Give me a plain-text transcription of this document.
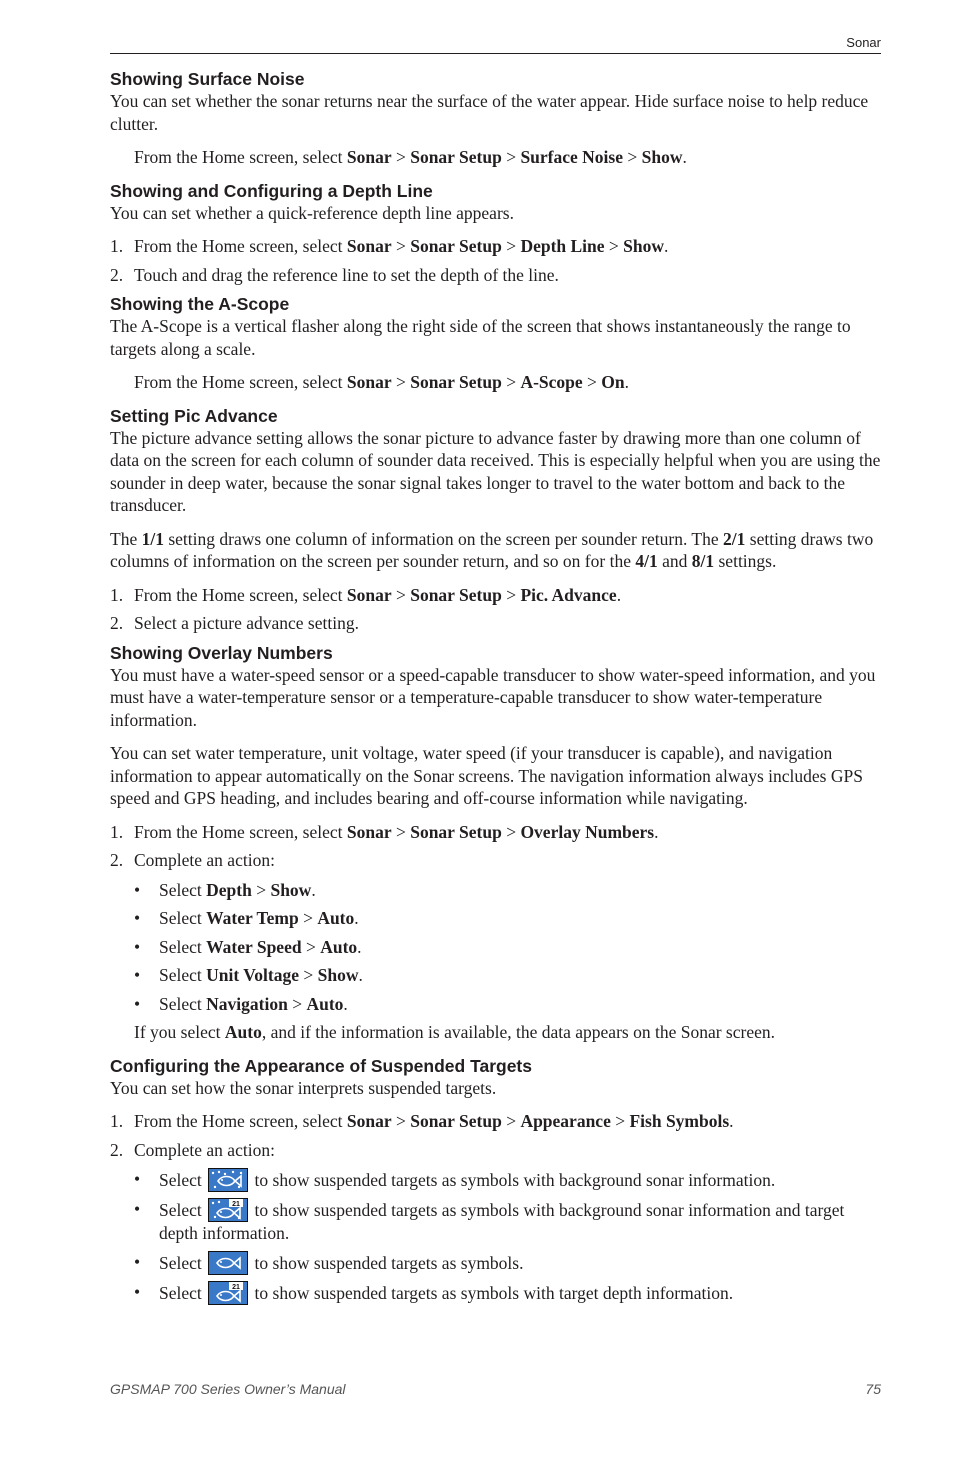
Sonar
Showing Surface Noise

You can set whether the sonar returns near the surface of the water appear. Hide surface noise to help reduce clutter.

From the Home screen, select Sonar > Sonar Setup > Surface Noise > Show.

Showing and Configuring a Depth Line

You can set whether a quick-reference depth line appears.

1. From the Home screen, select Sonar > Sonar Setup > Depth Line > Show.
2. Touch and drag the reference line to set the depth of the line.
Showing the A-Scope

The A-Scope is a vertical flasher along the right side of the screen that shows instantaneously the range to targets along a scale.

From the Home screen, select Sonar > Sonar Setup > A-Scope > On.

Setting Pic Advance

The picture advance setting allows the sonar picture to advance faster by drawing more than one column of data on the screen for each column of sounder data received. This is especially helpful when you are using the sounder in deep water, because the sonar signal takes longer to travel to the water bottom and back to the transducer.

The 1/1 setting draws one column of information on the screen per sounder return. The 2/1 setting draws two columns of information on the screen per sounder return, and so on for the 4/1 and 8/1 settings.

1. From the Home screen, select Sonar > Sonar Setup > Pic. Advance.
2. Select a picture advance setting.
Showing Overlay Numbers

You must have a water-speed sensor or a speed-capable transducer to show water-speed information, and you must have a water-temperature sensor or a temperature-capable transducer to show water-temperature information.

You can set water temperature, unit voltage, water speed (if your transducer is capable), and navigation information to appear automatically on the Sonar screens. The navigation information always includes GPS speed and GPS heading, and includes bearing and off-course information while navigating.

1. From the Home screen, select Sonar > Sonar Setup > Overlay Numbers.
2. Complete an action:
• Select Depth > Show.
• Select Water Temp > Auto.
• Select Water Speed > Auto.
• Select Unit Voltage > Show.
• Select Navigation > Auto.

If you select Auto, and if the information is available, the data appears on the Sonar screen.

Configuring the Appearance of Suspended Targets

You can set how the sonar interprets suspended targets.

1. From the Home screen, select Sonar > Sonar Setup > Appearance > Fish Symbols.
2. Complete an action:
• Select	to show suspended targets as symbols with background sonar information.
• Select	21 to show suspended targets as symbols with background sonar information and target depth information.
• Select	to show suspended targets as symbols.
• Select	21 to show suspended targets as symbols with target depth information.
GPSMAP 700 Series Owner’s Manual	75
